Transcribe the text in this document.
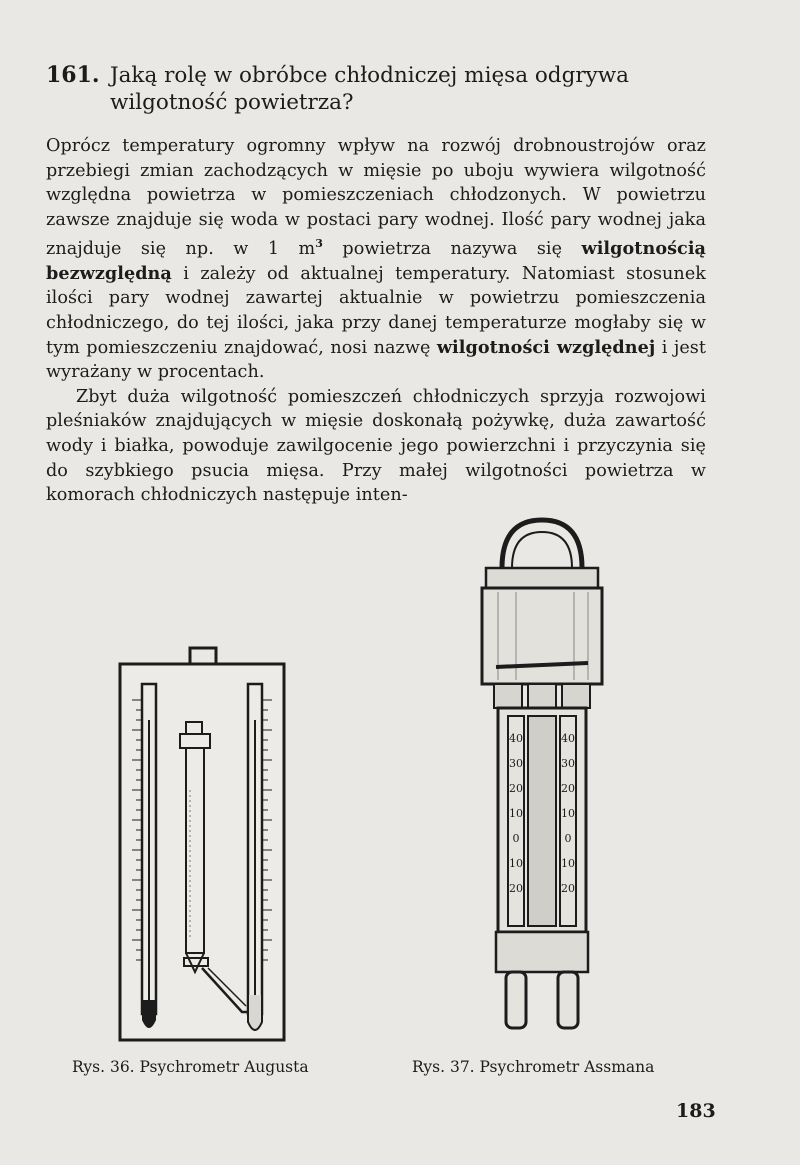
161. Jaką rolę w obróbce chłodniczej mięsa odgrywa wilgotność powietrza?

Oprócz temperatury ogromny wpływ na rozwój drobnoustrojów oraz przebiegi zmian zachodzących w mięsie po uboju wywiera wilgotność względna powietrza w pomieszczeniach chłodzonych. W powietrzu zawsze znajduje się woda w postaci pary wodnej. Ilość pary wodnej jaka znajduje się np. w 1 $m^3$ powietrza nazywa się wilgotnością bezwzględną i zależy od aktualnej temperatury. Natomiast stosunek ilości pary wodnej zawartej aktualnie w powietrzu pomieszczenia chłodniczego, do tej ilości, jaka przy danej temperaturze mogłaby się w tym pomieszczeniu znajdować, nosi nazwę wilgotności względnej i jest wyrażany w procentach.

Zbyt duża wilgotność pomieszczeń chłodniczych sprzyja rozwojowi pleśniaków znajdujących w mięsie doskonałą pożywkę, duża zawartość wody i białka, powoduje zawilgocenie jego powierzchni i przyczynia się do szybkiego psucia mięsa. Przy małej wilgotności powietrza w komorach chłodniczych następuje inten-

40
30
20
10
0
10
20
40
30
20
10
0
10
20
Rys. 36. Psychrometr Augusta	Rys. 37. Psychrometr Assmana
183
